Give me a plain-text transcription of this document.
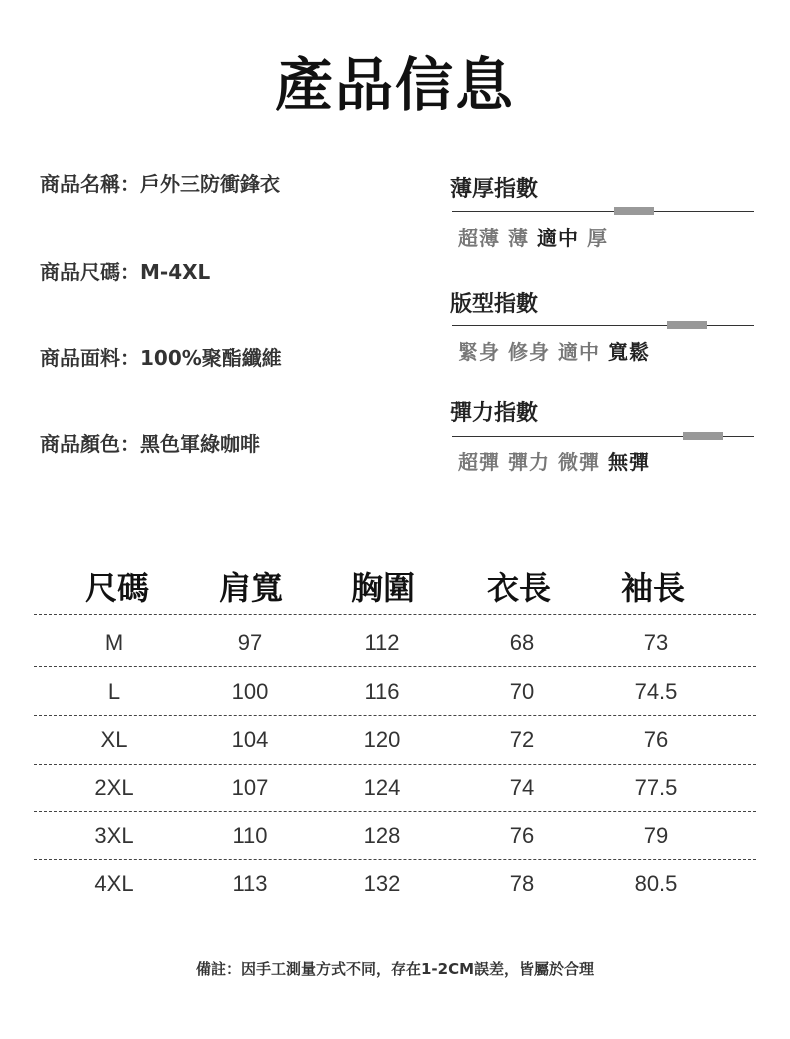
產品信息
商品名稱：戶外三防衝鋒衣
商品尺碼：M-4XL
商品面料：100%聚酯纖維
商品顏色：黑色軍綠咖啡
薄厚指數
超薄 薄 適中 厚
版型指數
緊身 修身 適中 寬鬆
彈力指數
超彈 彈力 微彈 無彈
尺碼	肩寬	胸圍	衣長	袖長
M	97	112	68	73
L	100	116	70	74.5
XL	104	120	72	76
2XL	107	124	74	77.5
3XL	110	128	76	79
4XL	113	132	78	80.5
備註：因手工測量方式不同，存在1-2CM誤差，皆屬於合理
